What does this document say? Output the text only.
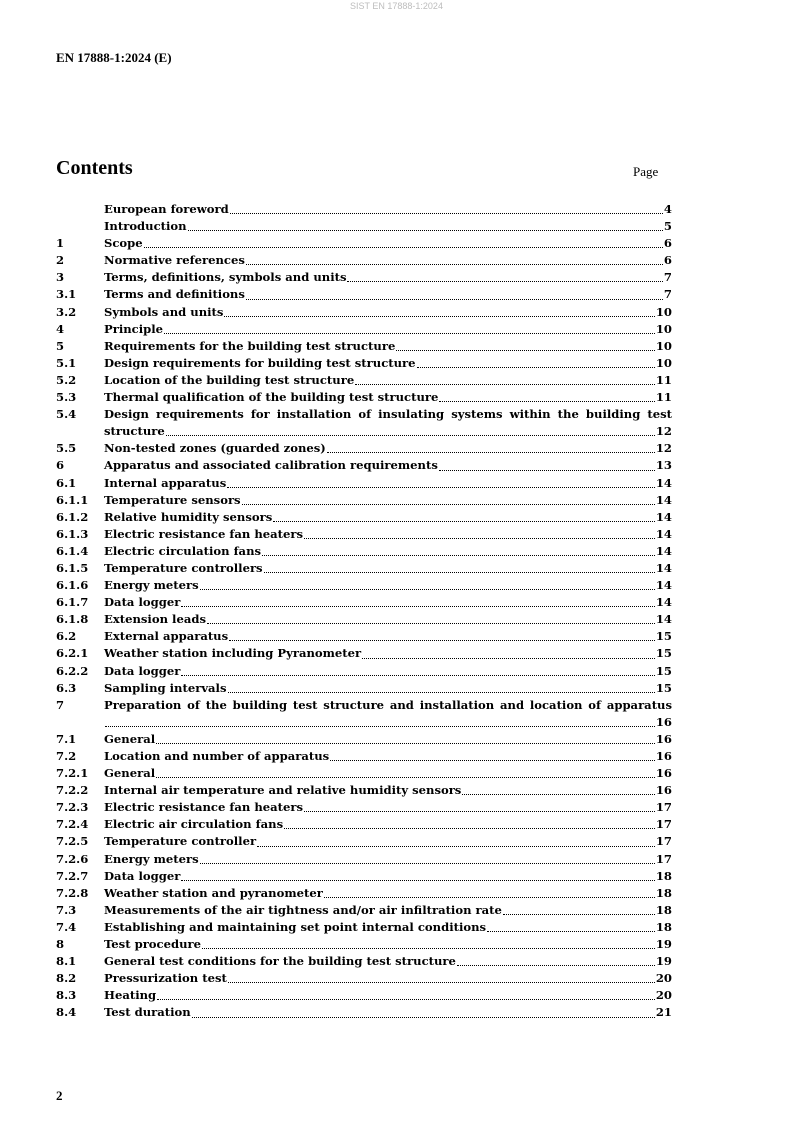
SIST EN 17888-1:2024
EN 17888-1:2024 (E)
Contents	Page
European foreword	4
Introduction	5
1	Scope	6
2	Normative references	6
3	Terms, definitions, symbols and units	7
3.1	Terms and definitions	7
3.2	Symbols and units	10
4	Principle	10
5	Requirements for the building test structure	10
5.1	Design requirements for building test structure	10
5.2	Location of the building test structure	11
5.3	Thermal qualification of the building test structure	11
5.4	Design requirements for installation of insulating systems within the building test
structure	12
5.5	Non-tested zones (guarded zones)	12
6	Apparatus and associated calibration requirements	13
6.1	Internal apparatus	14
6.1.1	Temperature sensors	14
6.1.2	Relative humidity sensors	14
6.1.3	Electric resistance fan heaters	14
6.1.4	Electric circulation fans	14
6.1.5	Temperature controllers	14
6.1.6	Energy meters	14
6.1.7	Data logger	14
6.1.8	Extension leads	14
6.2	External apparatus	15
6.2.1	Weather station including Pyranometer	15
6.2.2	Data logger	15
6.3	Sampling intervals	15
7	Preparation of the building test structure and installation and location of apparatus
16
7.1	General	16
7.2	Location and number of apparatus	16
7.2.1	General	16
7.2.2	Internal air temperature and relative humidity sensors	16
7.2.3	Electric resistance fan heaters	17
7.2.4	Electric air circulation fans	17
7.2.5	Temperature controller	17
7.2.6	Energy meters	17
7.2.7	Data logger	18
7.2.8	Weather station and pyranometer	18
7.3	Measurements of the air tightness and/or air infiltration rate	18
7.4	Establishing and maintaining set point internal conditions	18
8	Test procedure	19
8.1	General test conditions for the building test structure	19
8.2	Pressurization test	20
8.3	Heating	20
8.4	Test duration	21
2
